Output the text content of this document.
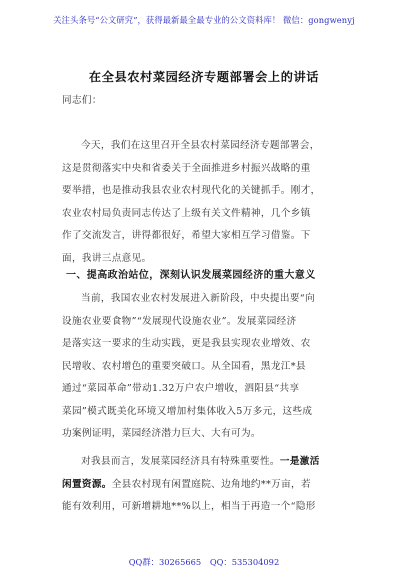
关注头条号“公文研究”，获得最新最全最专业的公文资料库！ 微信：gongwenyj
在全县农村菜园经济专题部署会上的讲话
同志们：
今天，我们在这里召开全县农村菜园经济专题部署会，
这是贯彻落实中央和省委关于全面推进乡村振兴战略的重
要举措，也是推动我县农业农村现代化的关键抓手。刚才，
农业农村局负责同志传达了上级有关文件精神，几个乡镇
作了交流发言，讲得都很好，希望大家相互学习借鉴。下
面，我讲三点意见。
一、提高政治站位，深刻认识发展菜园经济的重大意义
当前，我国农业农村发展进入新阶段，中央提出要“向
设施农业要食物”“发展现代设施农业”。发展菜园经济
是落实这一要求的生动实践，更是我县实现农业增效、农
民增收、农村增色的重要突破口。从全国看，黑龙江*县
通过“菜园革命”带动1.32万户农户增收，泗阳县“共享
菜园”模式既美化环境又增加村集体收入5万多元，这些成
功案例证明，菜园经济潜力巨大、大有可为。
对我县而言，发展菜园经济具有特殊重要性。一是激活
闲置资源。全县农村现有闲置庭院、边角地约**万亩，若
能有效利用，可新增耕地**%以上，相当于再造一个“隐形
QQ群：30265665 QQ：535304092
